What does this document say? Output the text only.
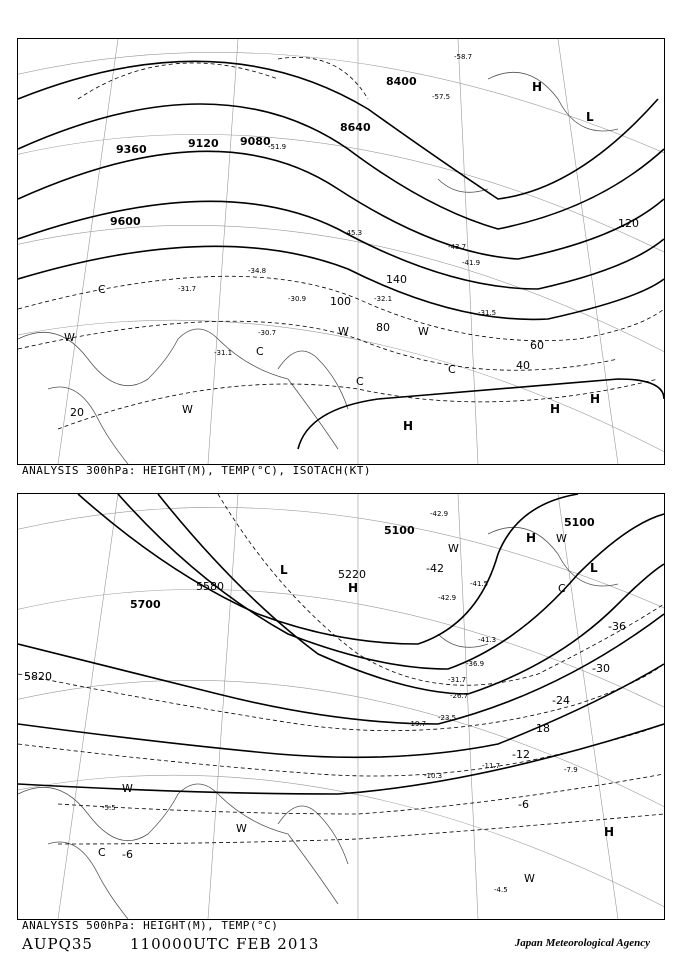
8400
8640
9080
9120
9360
9600
20
40
60
80
100
120
140
H
H
H
H
L
C
C
C
C
W
W
W
W
-57.5
-58.7
-51.9
-45.3
-43.7
-41.9
-34.8
-31.7
-31.5
-32.1
-30.9
-30.7
-31.1
ANALYSIS 300hPa: HEIGHT(M), TEMP(°C), ISOTACH(KT)
5100
5100
5220
5580
5700
5820
-42
-36
-30
-24
-18
-12
-6
-6
H
H
L
L
H	C
C
W
W
W
W
W
-42.9
-41.5
-42.9
-41.3
-36.9
-31.7
-26.7
-23.5
-19.7
-11.7	-7.9
-4.5
-5.5
-10.3
ANALYSIS 500hPa: HEIGHT(M), TEMP(°C)
AUPQ35 110000UTC FEB 2013	Japan Meteorological Agency
